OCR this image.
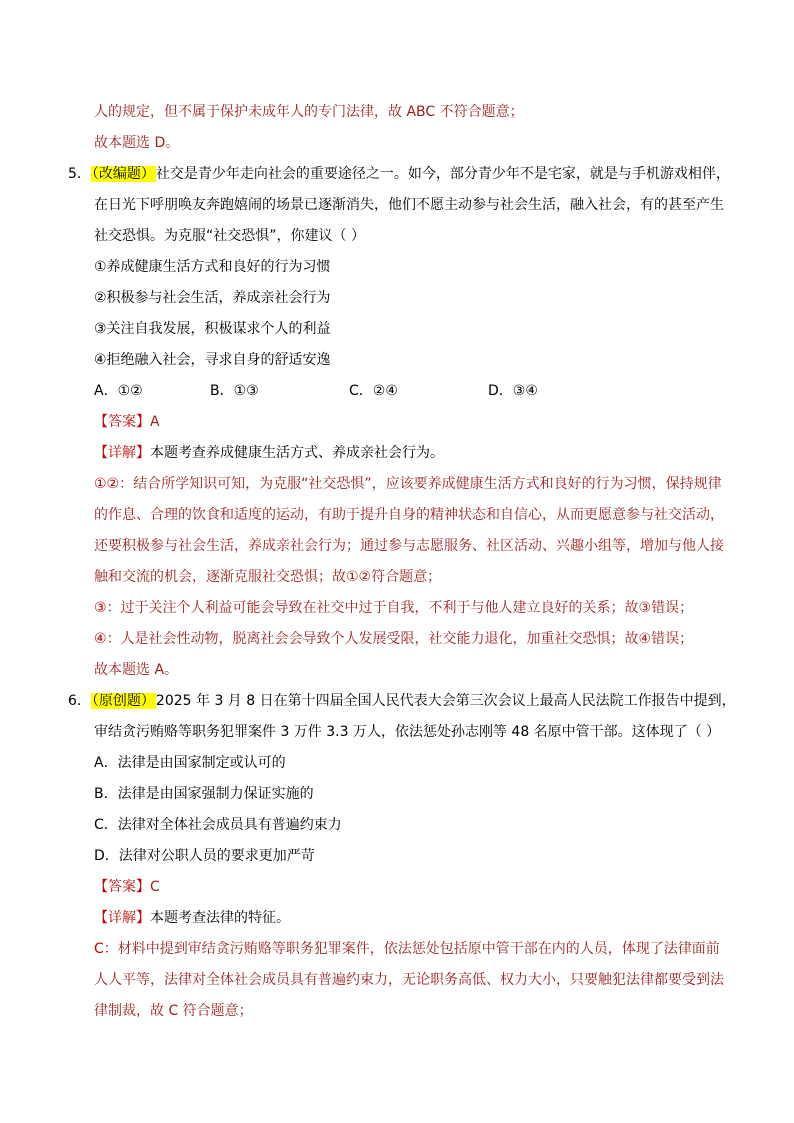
人的规定，但不属于保护未成年人的专门法律，故 ABC 不符合题意；
故本题选 D。
5．（改编题）社交是青少年走向社会的重要途径之一。如今，部分青少年不是宅家，就是与手机游戏相伴，
在日光下呼朋唤友奔跑嬉闹的场景已逐渐消失，他们不愿主动参与社会生活，融入社会，有的甚至产生
社交恐惧。为克服“社交恐惧”，你建议（ ）
①养成健康生活方式和良好的行为习惯
②积极参与社会生活，养成亲社会行为
③关注自我发展，积极谋求个人的利益
④拒绝融入社会，寻求自身的舒适安逸
A．①②	B．①③	C．②④	D．③④
【答案】A
【详解】本题考查养成健康生活方式、养成亲社会行为。
①②：结合所学知识可知，为克服“社交恐惧”，应该要养成健康生活方式和良好的行为习惯，保持规律
的作息、合理的饮食和适度的运动，有助于提升自身的精神状态和自信心，从而更愿意参与社交活动，
还要积极参与社会生活，养成亲社会行为；通过参与志愿服务、社区活动、兴趣小组等，增加与他人接
触和交流的机会，逐渐克服社交恐惧；故①②符合题意；
③：过于关注个人利益可能会导致在社交中过于自我，不利于与他人建立良好的关系；故③错误；
④：人是社会性动物，脱离社会会导致个人发展受限，社交能力退化，加重社交恐惧；故④错误；
故本题选 A。
6．（原创题）2025 年 3 月 8 日在第十四届全国人民代表大会第三次会议上最高人民法院工作报告中提到，
审结贪污贿赂等职务犯罪案件 3 万件 3.3 万人，依法惩处孙志刚等 48 名原中管干部。这体现了（ ）
A．法律是由国家制定或认可的
B．法律是由国家强制力保证实施的
C．法律对全体社会成员具有普遍约束力
D．法律对公职人员的要求更加严苛
【答案】C
【详解】本题考查法律的特征。
C：材料中提到审结贪污贿赂等职务犯罪案件，依法惩处包括原中管干部在内的人员，体现了法律面前
人人平等，法律对全体社会成员具有普遍约束力，无论职务高低、权力大小，只要触犯法律都要受到法
律制裁，故 C 符合题意；
